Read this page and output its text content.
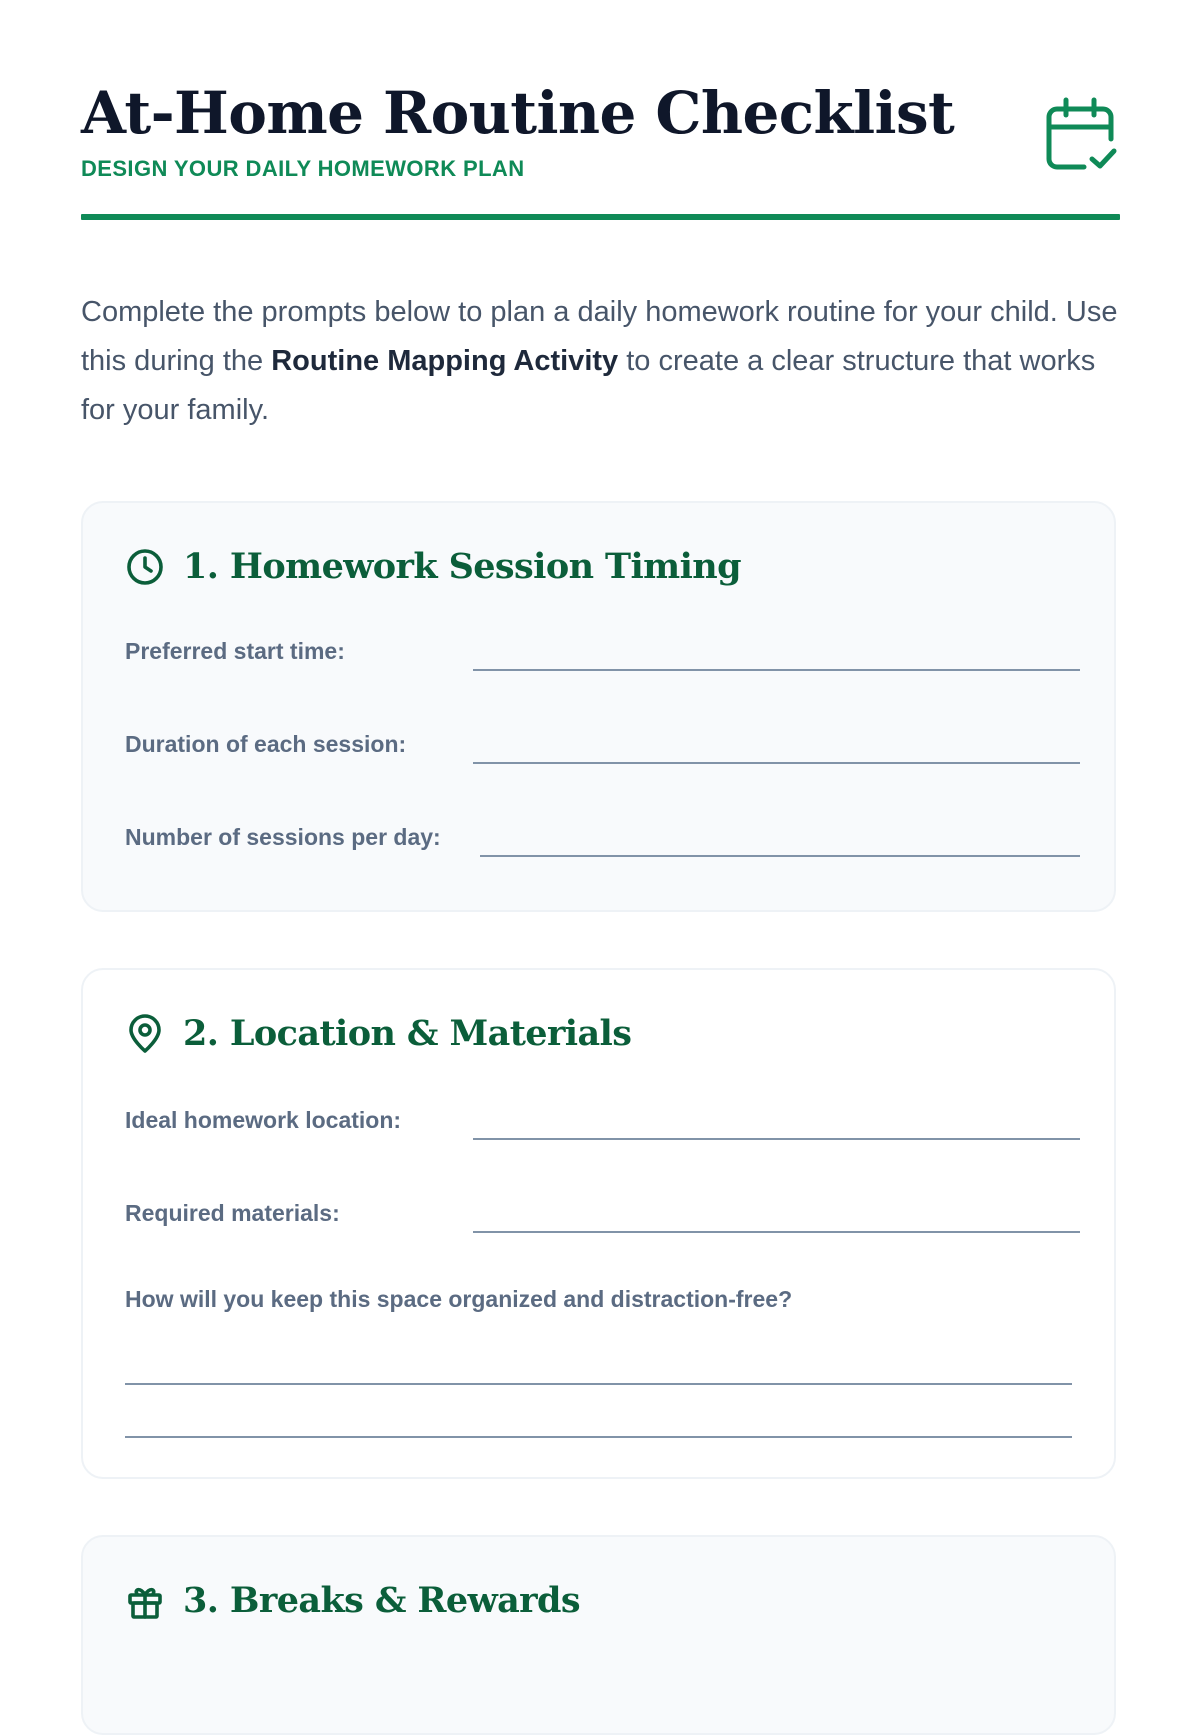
At-Home Routine Checklist
DESIGN YOUR DAILY HOMEWORK PLAN

Complete the prompts below to plan a daily homework routine for your child. Use this during the Routine Mapping Activity to create a clear structure that works for your family.

1. Homework Session Timing
Preferred start time:
Duration of each session:
Number of sessions per day:
2. Location & Materials
Ideal homework location:
Required materials:
How will you keep this space organized and distraction-free?
3. Breaks & Rewards
